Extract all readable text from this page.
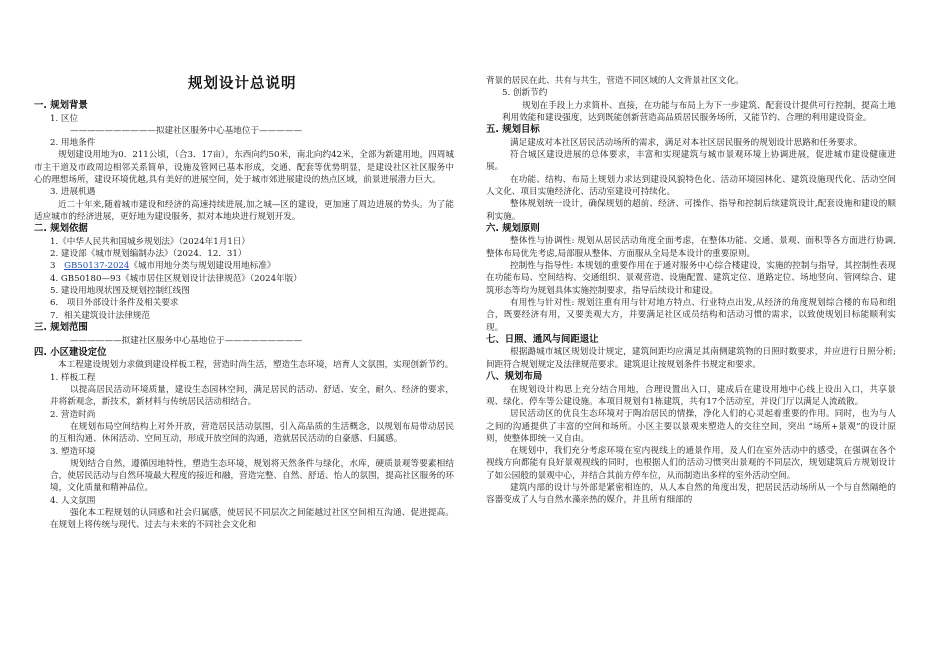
规划设计总说明
一. 规划背景

1. 区位

——————————拟建社区服务中心基地位于—————

2. 用地条件

规划建设用地为0．211公顷，（合3．17亩），东西向约50米，南北向约42米，全部为新建用地，四周城市主干道及市政周边相邻关系简单，设施及管网已基本形成，交通、配套等优势明显，是建设社区社区服务中心的理想场所，建设环境优越,具有美好的进展空间，处于城市郊进展建设的热点区域，前景进展潜力巨大。

3. 进展机遇

近二十年来,随着城市建设和经济的高速持续进展,加之城—区的建设，更加速了周边进展的势头。为了能适应城市的经济进展，更好地为建设服务，拟对本地块进行规划开发。

二. 规划依据

1.《中华人民共和国城乡规划法》（2024年1月1日）

2. 建设部《城市规划编制办法》（2024．12．31）

3　 GB50137-2024《城市用地分类与规划建设用地标准》

4. GB50180—93《城市居住区规划设计法律规范》（2024年版）

5. 建设用地现状图及规划控制红线图

6． 项目外部设计条件及相关要求

7．相关建筑设计法律规范

三. 规划范围

——————拟建社区服务中心基地位于—————————

四. 小区建设定位

本工程建设规划力求做到建设样板工程，营造时尚生活，塑造生态环境，培育人文氛围，实现创新节约。

1. 样板工程

以提高居民活动环境质量，建设生态园林空间，满足居民的活动、舒适、安全，耐久、经济的要求，并将新观念，新技术，新材料与传统居民活动相结合。

2. 营造时尚

在规划布局空间结构上对外开放，营造居民活动氛围，引入高品质的生活概念，以规划布局带动居民的互相沟通、休闲活动、空间互动，形成开放空间的沟通，造就居民活动的自豪感、归属感。

3. 塑造环境

规划结合自然，遵循因地特性，塑造生态环境，规划将天然条件与绿化，水库，硬质景观等要素相结合，使居民活动与自然环境最大程度的接近和融，营造完整、自然、舒适、怡人的氛围，提高社区服务的环境，文化质量和精神品位。

4. 人文氛围

强化本工程规划的认同感和社会归属感，使居民不同层次之间能越过社区空间相互沟通、促进提高。在规划上将传统与现代、过去与未来的不同社会文化和

背景的居民在此、共有与共生，营造不同区域的人文背景社区文化。

5. 创新节约

规划在手段上力求简朴、直接，在功能与布局上为下一步建筑、配套设计提供可行控制，提高土地利用效能和建设强度，达到既能创新营造高品质居民服务场所，又能节约、合理的利用建设资金。

五. 规划目标

满足建成对本社区居民活动场所的需求，满足对本社区居民服务的规划设计思路和任务要求。

符合城区建设进展的总体要求，丰富和实现建筑与城市景观环境上协调进展，促进城市建设健康进展。

在功能、结构、布局上规划力求达到建设风貌特色化、活动环境园林化、建筑设施现代化、活动空间人文化、项目实施经济化、活动室建设可持续化。

整体规划统一设计，确保规划的超前、经济、可操作、指导和控制后续建筑设计,配套设施和建设的顺利实施。

六. 规划原则

整体性与协调性: 规划从居民活动角度全面考虑，在整体功能、交通、景观、面积等各方面进行协调,整体布局优先考虑,局部服从整体、方面服从全局是本设计的重要原则。

控制性与指导性: 本规划的重要作用在于通对服务中心综合楼建设，实施的控制与指导，其控制性表现在功能布局、空间结构、交通组织、景观营造、设施配置、建筑定位、道路定位、场地竖向、管网综合、建筑形态等均为规划具体实施控制要求，指导后续设计和建设。

有用性与针对性: 规划注重有用与针对地方特点、行业特点出发,从经济的角度规划综合楼的布局和组合，既要经济有用，又要美观大方，并要满足社区成员结构和活动习惯的需求，以致使规划目标能顺利实现。

七、日照、通风与间距退让

根据潞城市城区规划设计规定，建筑间距均应满足其南侧建筑物的日照时数要求，并应进行日照分析;间距符合规划规定及法律规范要求。建筑退让按规划条件书规定和要求。

八、规划布局

在规划设计构思上充分结合用地，合理设置出入口，建成后在建设用地中心线上设出入口，共享景观、绿化、停车等公建设施。本项目规划有1栋建筑，共有17个活动室，并设门厅以满足人流疏散。

居民活动区的优良生态环境对于陶冶居民的情操，净化人们的心灵起着重要的作用。同时，也为与人之间的沟通提供了丰富的空间和场所。小区主要以景观来塑造人的交往空间，突出 “场所+景观”的设计原则，使整体即统一又自由。

在规划中，我们充分考虑环境在室内视线上的通景作用，及人们在室外活动中的感受，在强调在各个视线方向都能有良好景观视线的同时，也根据人们的活动习惯突出景观的不同层次，规划建筑后方规划设计了如公园般的景观中心，并结合其前方停车位，从而制造出多样的室外活动空间。

建筑内部的设计与外部是紧密相连的，从人本自然的角度出发，把居民活动场所从一个与自然隔绝的容器变成了人与自然水藻亲热的媒介，并且所有细部的
